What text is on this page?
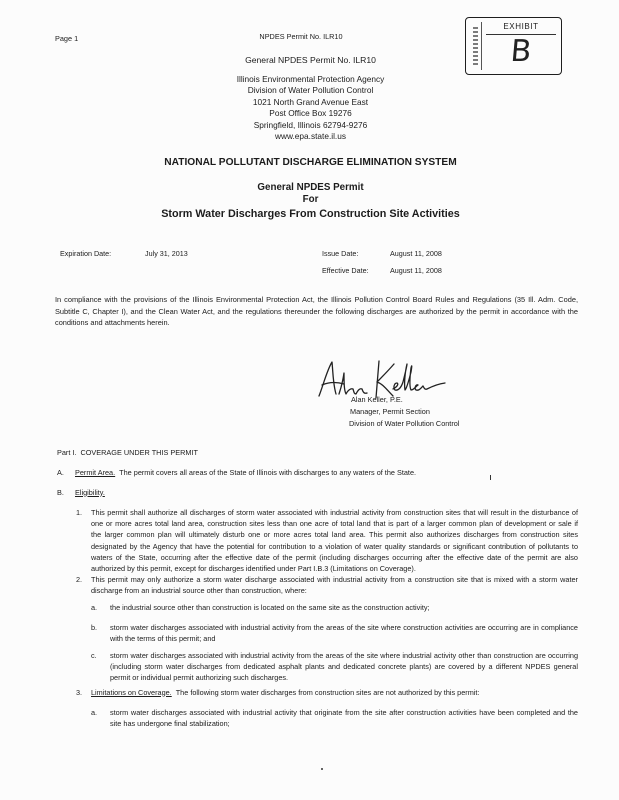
Page 1	NPDES Permit No. ILR10
EXHIBIT
B
General NPDES Permit No. ILR10
Illinois Environmental Protection Agency
Division of Water Pollution Control
1021 North Grand Avenue East
Post Office Box 19276
Springfield, Illinois 62794-9276
www.epa.state.il.us
NATIONAL POLLUTANT DISCHARGE ELIMINATION SYSTEM
General NPDES Permit
For
Storm Water Discharges From Construction Site Activities
Expiration Date:	July 31, 2013	Issue Date:	August 11, 2008
Effective Date:	August 11, 2008
In compliance with the provisions of the Illinois Environmental Protection Act, the Illinois Pollution Control Board Rules and Regulations (35 Ill. Adm. Code,
Subtitle C, Chapter I), and the Clean Water Act, and the regulations thereunder the following discharges are authorized by the permit in accordance with the
conditions and attachments herein.
Alan Keller, P.E.
Manager, Permit Section
Division of Water Pollution Control
Part I. COVERAGE UNDER THIS PERMIT
A. Permit Area. The permit covers all areas of the State of Illinois with discharges to any waters of the State.
B. Eligibility.
1. This permit shall authorize all discharges of storm water associated with industrial activity from construction sites that will result in the disturbance of
one or more acres total land area, construction sites less than one acre of total land that is part of a larger common plan of development or sale if
the larger common plan will ultimately disturb one or more acres total land area. This permit also authorizes discharges from construction sites
designated by the Agency that have the potential for contribution to a violation of water quality standards or significant contribution of pollutants to
waters of the State, occurring after the effective date of the permit (including discharges occurring after the effective date of the permit are also
authorized by this permit, except for discharges identified under Part I.B.3 (Limitations on Coverage).
2. This permit may only authorize a storm water discharge associated with industrial activity from a construction site that is mixed with a storm water
discharge from an industrial source other than construction, where:
a. the industrial source other than construction is located on the same site as the construction activity;
b. storm water discharges associated with industrial activity from the areas of the site where construction activities are occurring are in compliance
with the terms of this permit; and
c. storm water discharges associated with industrial activity from the areas of the site where industrial activity other than construction are occurring
(including storm water discharges from dedicated asphalt plants and dedicated concrete plants) are covered by a different NPDES general
permit or individual permit authorizing such discharges.
3. Limitations on Coverage. The following storm water discharges from construction sites are not authorized by this permit:
a. storm water discharges associated with industrial activity that originate from the site after construction activities have been completed and the
site has undergone final stabilization;
